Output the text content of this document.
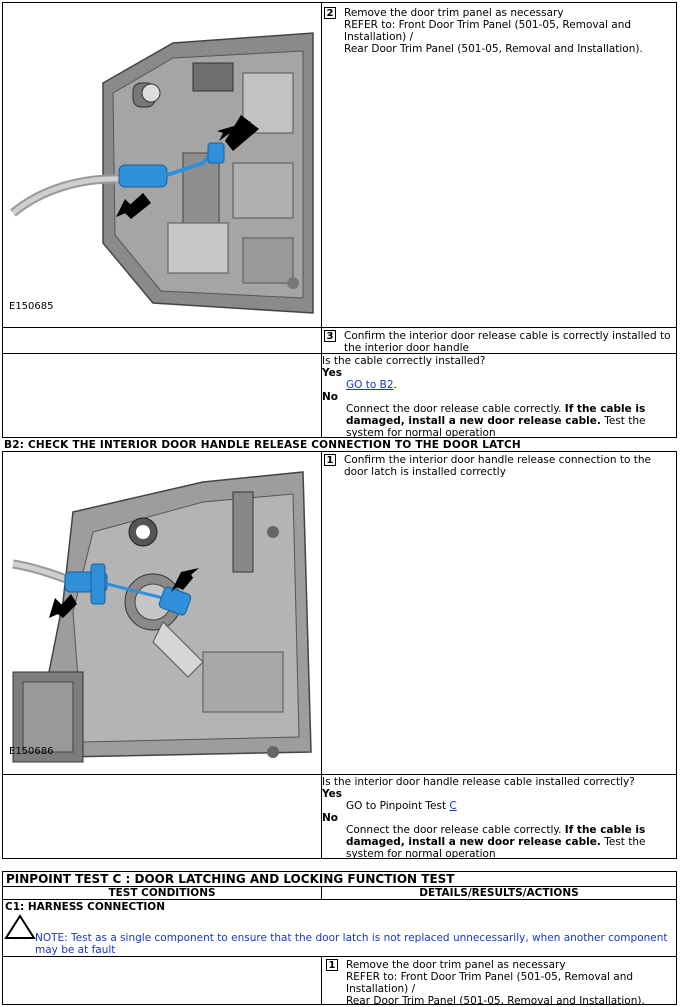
E150685
2 Remove the door trim panel as necessary
REFER to: Front Door Trim Panel (501-05, Removal and Installation) /
Rear Door Trim Panel (501-05, Removal and Installation).
3 Confirm the interior door release cable is correctly installed to the interior door handle
Is the cable correctly installed?
Yes
GO to B2.
No
Connect the door release cable correctly. If the cable is damaged, install a new door release cable. Test the system for normal operation
B2: CHECK THE INTERIOR DOOR HANDLE RELEASE CONNECTION TO THE DOOR LATCH
E150686
1 Confirm the interior door handle release connection to the door latch is installed correctly
Is the interior door handle release cable installed correctly?
Yes
GO to Pinpoint Test C
No
Connect the door release cable correctly. If the cable is damaged, install a new door release cable. Test the system for normal operation
PINPOINT TEST C : DOOR LATCHING AND LOCKING FUNCTION TEST
TEST CONDITIONS	DETAILS/RESULTS/ACTIONS
C1: HARNESS CONNECTION
NOTE: Test as a single component to ensure that the door latch is not replaced unnecessarily, when another component may be at fault
1 Remove the door trim panel as necessary
REFER to: Front Door Trim Panel (501-05, Removal and Installation) /
Rear Door Trim Panel (501-05, Removal and Installation).
